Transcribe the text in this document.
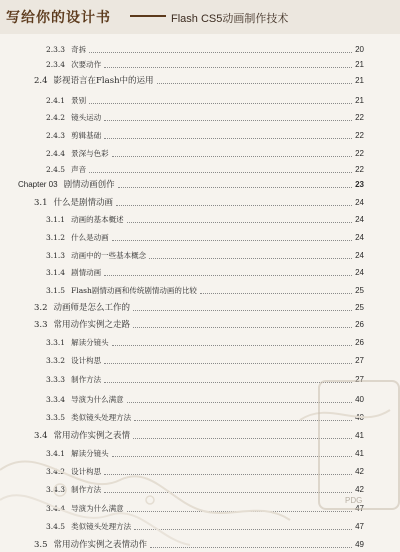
写给你的设计书	Flash CS5动画制作技术
2.3.3 奇拆	20
2.3.4 次要动作	21
2.4 影视语言在Flash中的运用	21
2.4.1 景别	21
2.4.2 镜头运动	22
2.4.3 剪辑基础	22
2.4.4 景深与色彩	22
2.4.5 声音	22
Chapter 03 剧情动画创作	23
3.1 什么是剧情动画	24
3.1.1 动画的基本概述	24
3.1.2 什么是动画	24
3.1.3 动画中的一些基本概念	24
3.1.4 剧情动画	24
3.1.5 Flash剧情动画和传统剧情动画的比较	25
3.2 动画师是怎么工作的	25
3.3 常用动作实例之走路	26
3.3.1 解读分镜头	26
3.3.2 设计构思	27
3.3.3 制作方法	27
3.3.4 导演为什么满意	40
3.3.5 类似镜头处理方法	40
3.4 常用动作实例之表情	41
3.4.1 解读分镜头	41
3.4.2 设计构思	42
3.4.3 制作方法	42
3.4.4 导演为什么满意	47
3.4.5 类似镜头处理方法	47
3.5 常用动作实例之表情动作	49
PDG
